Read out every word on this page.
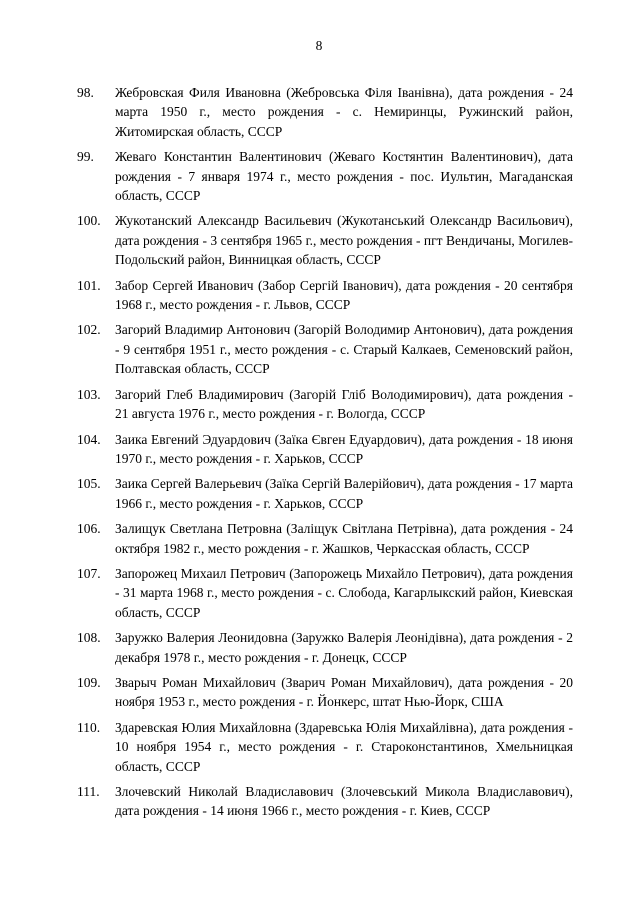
8
98.	Жебровская Филя Ивановна (Жебровська Філя Іванівна), дата рождения - 24 марта 1950 г., место рождения - с. Немиринцы, Ружинский район, Житомирская область, СССР
99.	Жеваго Константин Валентинович (Жеваго Костянтин Валентинович), дата рождения - 7 января 1974 г., место рождения - пос. Иультин, Магаданская область, СССР
100.	Жукотанский Александр Васильевич (Жукотанський Олександр Васильович), дата рождения - 3 сентября 1965 г., место рождения - пгт Вендичаны, Могилев-Подольский район, Винницкая область, СССР
101.	Забор Сергей Иванович (Забор Сергій Іванович), дата рождения - 20 сентября 1968 г., место рождения - г. Львов, СССР
102.	Загорий Владимир Антонович (Загорій Володимир Антонович), дата рождения - 9 сентября 1951 г., место рождения - с. Старый Калкаев, Семеновский район, Полтавская область, СССР
103.	Загорий Глеб Владимирович (Загорій Гліб Володимирович), дата рождения - 21 августа 1976 г., место рождения - г. Вологда, СССР
104.	Заика Евгений Эдуардович (Заїка Євген Едуардович), дата рождения - 18 июня 1970 г., место рождения - г. Харьков, СССР
105.	Заика Сергей Валерьевич (Заїка Сергій Валерійович), дата рождения - 17 марта 1966 г., место рождения - г. Харьков, СССР
106.	Залищук Светлана Петровна (Заліщук Світлана Петрівна), дата рождения - 24 октября 1982 г., место рождения - г. Жашков, Черкасская область, СССР
107.	Запорожец Михаил Петрович (Запорожець Михайло Петрович), дата рождения - 31 марта 1968 г., место рождения - с. Слобода, Кагарлыкский район, Киевская область, СССР
108.	Заружко Валерия Леонидовна (Заружко Валерія Леонідівна), дата рождения - 2 декабря 1978 г., место рождения - г. Донецк, СССР
109.	Зварыч Роман Михайлович (Зварич Роман Михайлович), дата рождения - 20 ноября 1953 г., место рождения - г. Йонкерс, штат Нью-Йорк, США
110.	Здаревская Юлия Михайловна (Здаревська Юлія Михайлівна), дата рождения - 10 ноября 1954 г., место рождения - г. Староконстантинов, Хмельницкая область, СССР
111.	Злочевский Николай Владиславович (Злочевський Микола Владиславович), дата рождения - 14 июня 1966 г., место рождения - г. Киев, СССР
